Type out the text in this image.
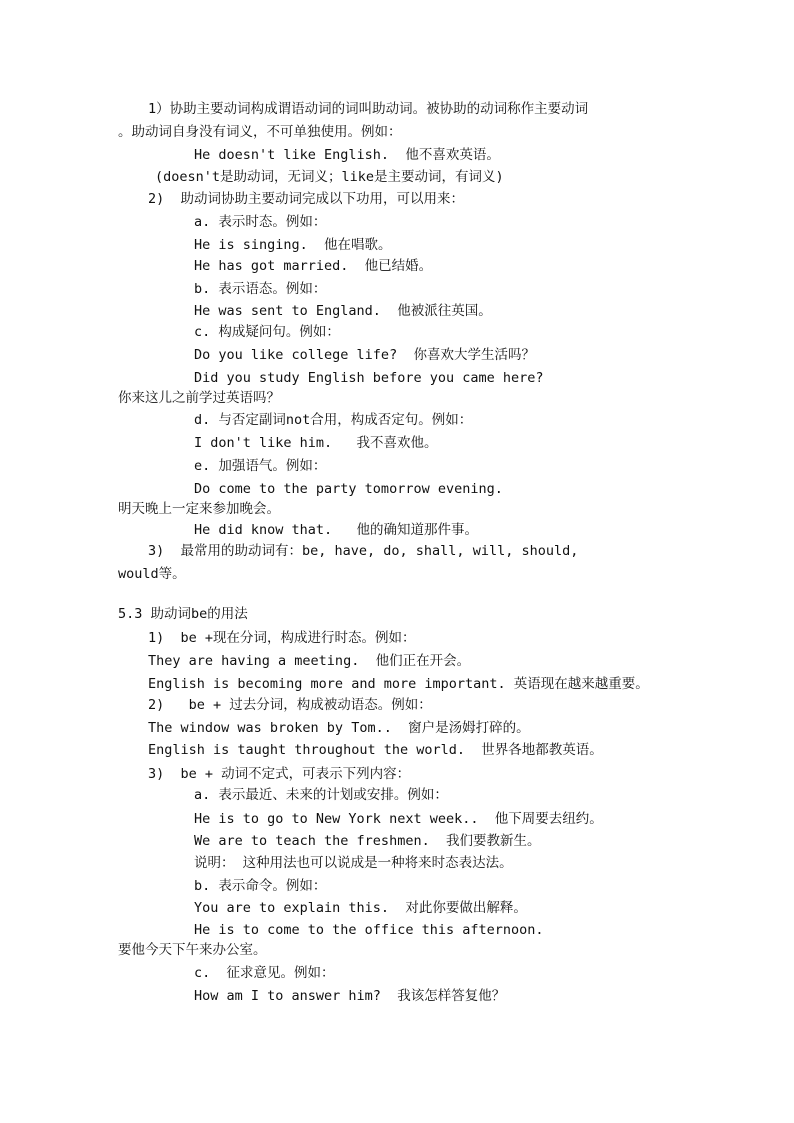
1）协助主要动词构成谓语动词的词叫助动词。被协助的动词称作主要动词
。助动词自身没有词义，不可单独使用。例如：
He doesn't like English.  他不喜欢英语。
(doesn't是助动词，无词义；like是主要动词，有词义)
2)  助动词协助主要动词完成以下功用，可以用来：
a. 表示时态。例如：
He is singing.  他在唱歌。
He has got married.  他已结婚。
b. 表示语态。例如：
He was sent to England.  他被派往英国。
c. 构成疑问句。例如：
Do you like college life?  你喜欢大学生活吗？
Did you study English before you came here?
你来这儿之前学过英语吗？
d. 与否定副词not合用，构成否定句。例如：
I don't like him.   我不喜欢他。
e. 加强语气。例如：
Do come to the party tomorrow evening.
明天晚上一定来参加晚会。
He did know that.   他的确知道那件事。
3)  最常用的助动词有：be, have, do, shall, will, should,
would等。
5.3 助动词be的用法
1)  be +现在分词，构成进行时态。例如：
They are having a meeting.  他们正在开会。
English is becoming more and more important. 英语现在越来越重要。
2)   be + 过去分词，构成被动语态。例如：
The window was broken by Tom..  窗户是汤姆打碎的。
English is taught throughout the world.  世界各地都教英语。
3)  be + 动词不定式，可表示下列内容：
a. 表示最近、未来的计划或安排。例如：
He is to go to New York next week..  他下周要去纽约。
We are to teach the freshmen.  我们要教新生。
说明： 这种用法也可以说成是一种将来时态表达法。
b. 表示命令。例如：
You are to explain this.  对此你要做出解释。
He is to come to the office this afternoon.
要他今天下午来办公室。
c.  征求意见。例如：
How am I to answer him?  我该怎样答复他？
